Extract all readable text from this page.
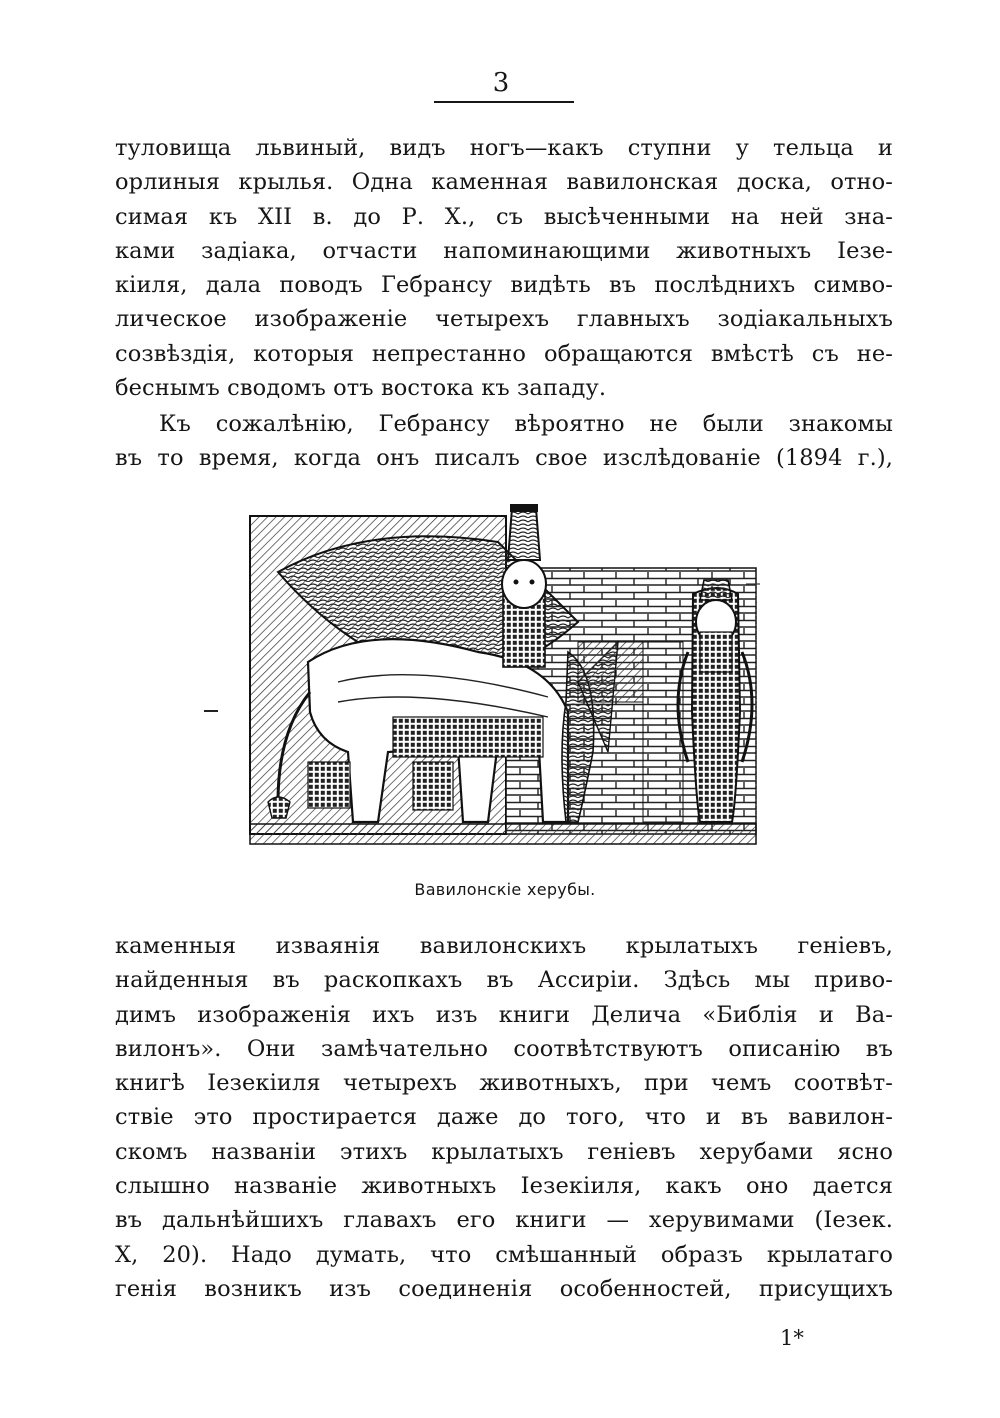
3
туловища львиный, видъ ногъ—какъ ступни у тельца и
орлиныя крылья. Одна каменная вавилонская доска, отно-
симая къ XII в. до Р. Х., съ высѣченными на ней зна-
ками задіака, отчасти напоминающими животныхъ Іезе-
кіиля, дала поводъ Гебрансу видѣть въ послѣднихъ симво-
лическое изображеніе четырехъ главныхъ зодіакальныхъ
созвѣздія, которыя непрестанно обращаются вмѣстѣ съ не-
беснымъ сводомъ отъ востока къ западу.
Къ сожалѣнію, Гебрансу вѣроятно не были знакомы
въ то время, когда онъ писалъ свое изслѣдованіе (1894 г.),
Вавилонскіе херубы.
каменныя изваянія вавилонскихъ крылатыхъ геніевъ,
найденныя въ раскопкахъ въ Ассиріи. Здѣсь мы приво-
димъ изображенія ихъ изъ книги Делича «Библія и Ва-
вилонъ». Они замѣчательно соотвѣтствуютъ описанію въ
книгѣ Іезекіиля четырехъ животныхъ, при чемъ соотвѣт-
ствіе это простирается даже до того, что и въ вавилон-
скомъ названіи этихъ крылатыхъ геніевъ херубами ясно
слышно названіе животныхъ Іезекіиля, какъ оно дается
въ дальнѣйшихъ главахъ его книги — херувимами (Іезек.
Х, 20). Надо думать, что смѣшанный образъ крылатаго
генія возникъ изъ соединенія особенностей, присущихъ
1*
